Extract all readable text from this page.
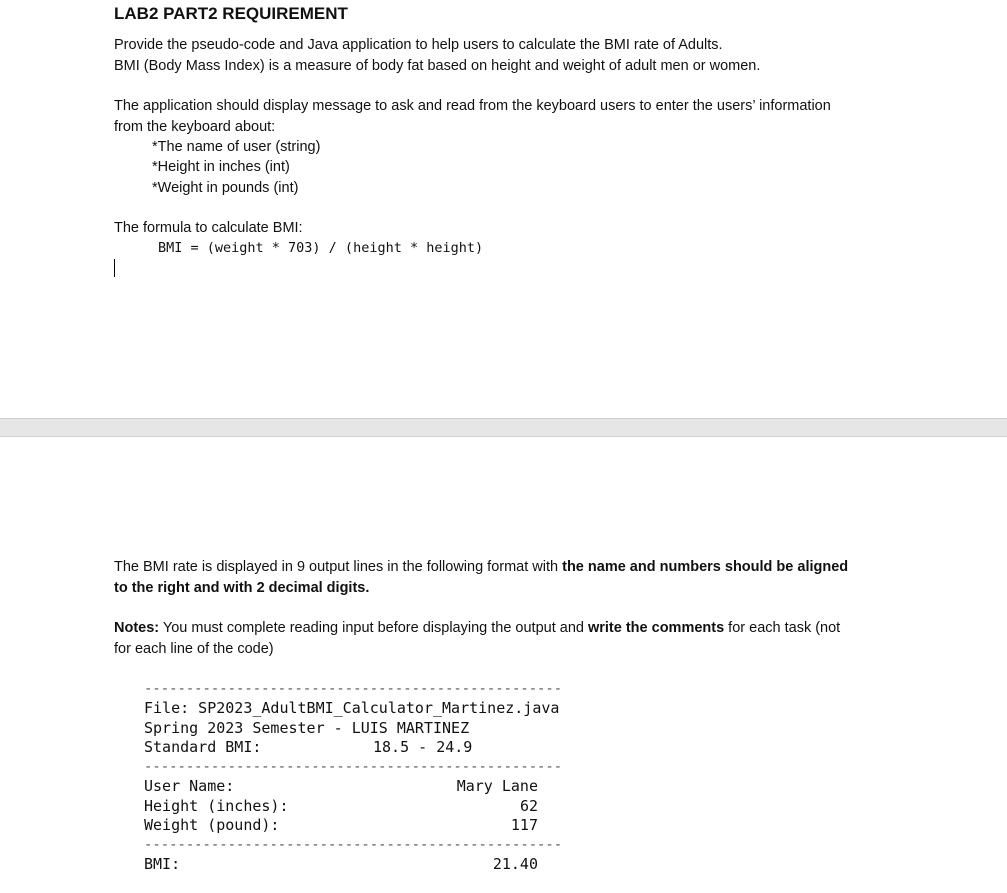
LAB2 PART2 REQUIREMENT
Provide the pseudo-code and Java application to help users to calculate the BMI rate of Adults.
BMI (Body Mass Index) is a measure of body fat based on height and weight of adult men or women.
The application should display message to ask and read from the keyboard users to enter the users’ information
from the keyboard about:
*The name of user (string)
*Height in inches (int)
*Weight in pounds (int)
The formula to calculate BMI:
BMI = (weight * 703) / (height * height)
The BMI rate is displayed in 9 output lines in the following format with the name and numbers should be aligned
to the right and with 2 decimal digits.
Notes: You must complete reading input before displaying the output and write the comments for each task (not
for each line of the code)
--------------------------------------------------
File: SP2023_AdultBMI_Calculator_Martinez.java
Spring 2023 Semester - LUIS MARTINEZ
Standard BMI:	18.5 - 24.9
--------------------------------------------------
User Name:	Mary Lane
Height (inches):	62
Weight (pound):	117
--------------------------------------------------
BMI:	21.40
